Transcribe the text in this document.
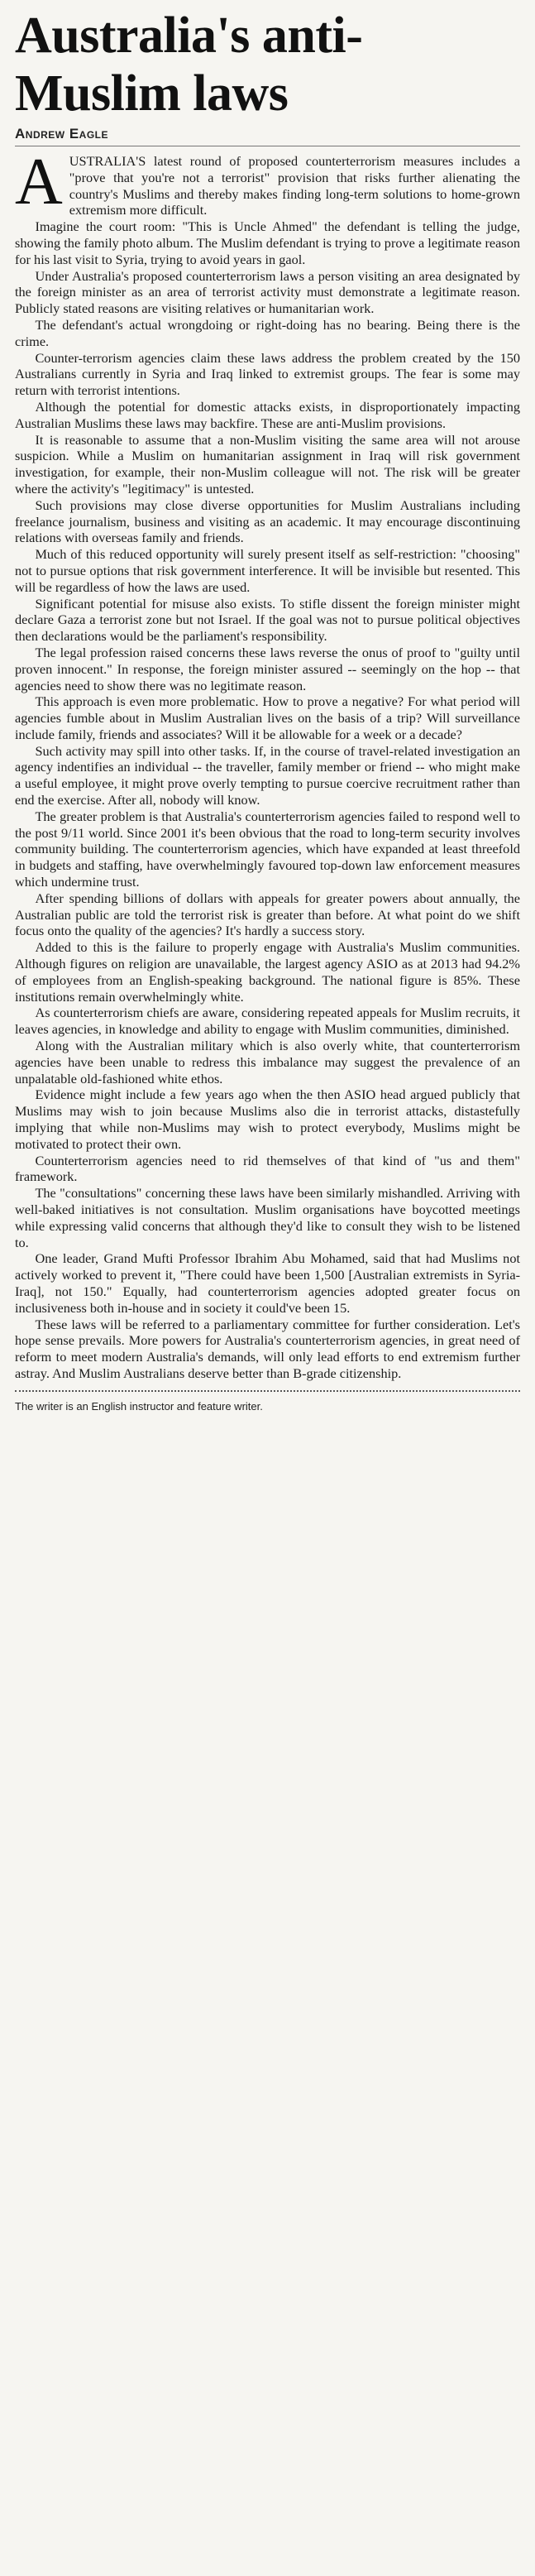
Australia's anti-Muslim laws
Andrew Eagle

AUSTRALIA'S latest round of proposed counterterrorism measures includes a "prove that you're not a terrorist" provision that risks further alienating the country's Muslims and thereby makes finding long-term solutions to home-grown extremism more difficult.

Imagine the court room: "This is Uncle Ahmed" the defendant is telling the judge, showing the family photo album. The Muslim defendant is trying to prove a legitimate reason for his last visit to Syria, trying to avoid years in gaol.

Under Australia's proposed counterterrorism laws a person visiting an area designated by the foreign minister as an area of terrorist activity must demonstrate a legitimate reason. Publicly stated reasons are visiting relatives or humanitarian work.

The defendant's actual wrongdoing or right-doing has no bearing. Being there is the crime.

Counter-terrorism agencies claim these laws address the problem created by the 150 Australians currently in Syria and Iraq linked to extremist groups. The fear is some may return with terrorist intentions.

Although the potential for domestic attacks exists, in disproportionately impacting Australian Muslims these laws may backfire. These are anti-Muslim provisions.

It is reasonable to assume that a non-Muslim visiting the same area will not arouse suspicion. While a Muslim on humanitarian assignment in Iraq will risk government investigation, for example, their non-Muslim colleague will not. The risk will be greater where the activity's "legitimacy" is untested.

Such provisions may close diverse opportunities for Muslim Australians including freelance journalism, business and visiting as an academic. It may encourage discontinuing relations with overseas family and friends.

Much of this reduced opportunity will surely present itself as self-restriction: "choosing" not to pursue options that risk government interference. It will be invisible but resented. This will be regardless of how the laws are used.

Significant potential for misuse also exists. To stifle dissent the foreign minister might declare Gaza a terrorist zone but not Israel. If the goal was not to pursue political objectives then declarations would be the parliament's responsibility.

The legal profession raised concerns these laws reverse the onus of proof to "guilty until proven innocent." In response, the foreign minister assured -- seemingly on the hop -- that agencies need to show there was no legitimate reason.

This approach is even more problematic. How to prove a negative? For what period will agencies fumble about in Muslim Australian lives on the basis of a trip? Will surveillance include family, friends and associates? Will it be allowable for a week or a decade?

Such activity may spill into other tasks. If, in the course of travel-related investigation an agency indentifies an individual -- the traveller, family member or friend -- who might make a useful employee, it might prove overly tempting to pursue coercive recruitment rather than end the exercise. After all, nobody will know.

The greater problem is that Australia's counterterrorism agencies failed to respond well to the post 9/11 world. Since 2001 it's been obvious that the road to long-term security involves community building. The counterterrorism agencies, which have expanded at least threefold in budgets and staffing, have overwhelmingly favoured top-down law enforcement measures which undermine trust.

After spending billions of dollars with appeals for greater powers about annually, the Australian public are told the terrorist risk is greater than before. At what point do we shift focus onto the quality of the agencies? It's hardly a success story.

Added to this is the failure to properly engage with Australia's Muslim communities. Although figures on religion are unavailable, the largest agency ASIO as at 2013 had 94.2% of employees from an English-speaking background. The national figure is 85%. These institutions remain overwhelmingly white.

As counterterrorism chiefs are aware, considering repeated appeals for Muslim recruits, it leaves agencies, in knowledge and ability to engage with Muslim communities, diminished.

Along with the Australian military which is also overly white, that counterterrorism agencies have been unable to redress this imbalance may suggest the prevalence of an unpalatable old-fashioned white ethos.

Evidence might include a few years ago when the then ASIO head argued publicly that Muslims may wish to join because Muslims also die in terrorist attacks, distastefully implying that while non-Muslims may wish to protect everybody, Muslims might be motivated to protect their own.

Counterterrorism agencies need to rid themselves of that kind of "us and them" framework.

The "consultations" concerning these laws have been similarly mishandled. Arriving with well-baked initiatives is not consultation. Muslim organisations have boycotted meetings while expressing valid concerns that although they'd like to consult they wish to be listened to.

One leader, Grand Mufti Professor Ibrahim Abu Mohamed, said that had Muslims not actively worked to prevent it, "There could have been 1,500 [Australian extremists in Syria-Iraq], not 150." Equally, had counterterrorism agencies adopted greater focus on inclusiveness both in-house and in society it could've been 15.

These laws will be referred to a parliamentary committee for further consideration. Let's hope sense prevails. More powers for Australia's counterterrorism agencies, in great need of reform to meet modern Australia's demands, will only lead efforts to end extremism further astray. And Muslim Australians deserve better than B-grade citizenship.

The writer is an English instructor and feature writer.
